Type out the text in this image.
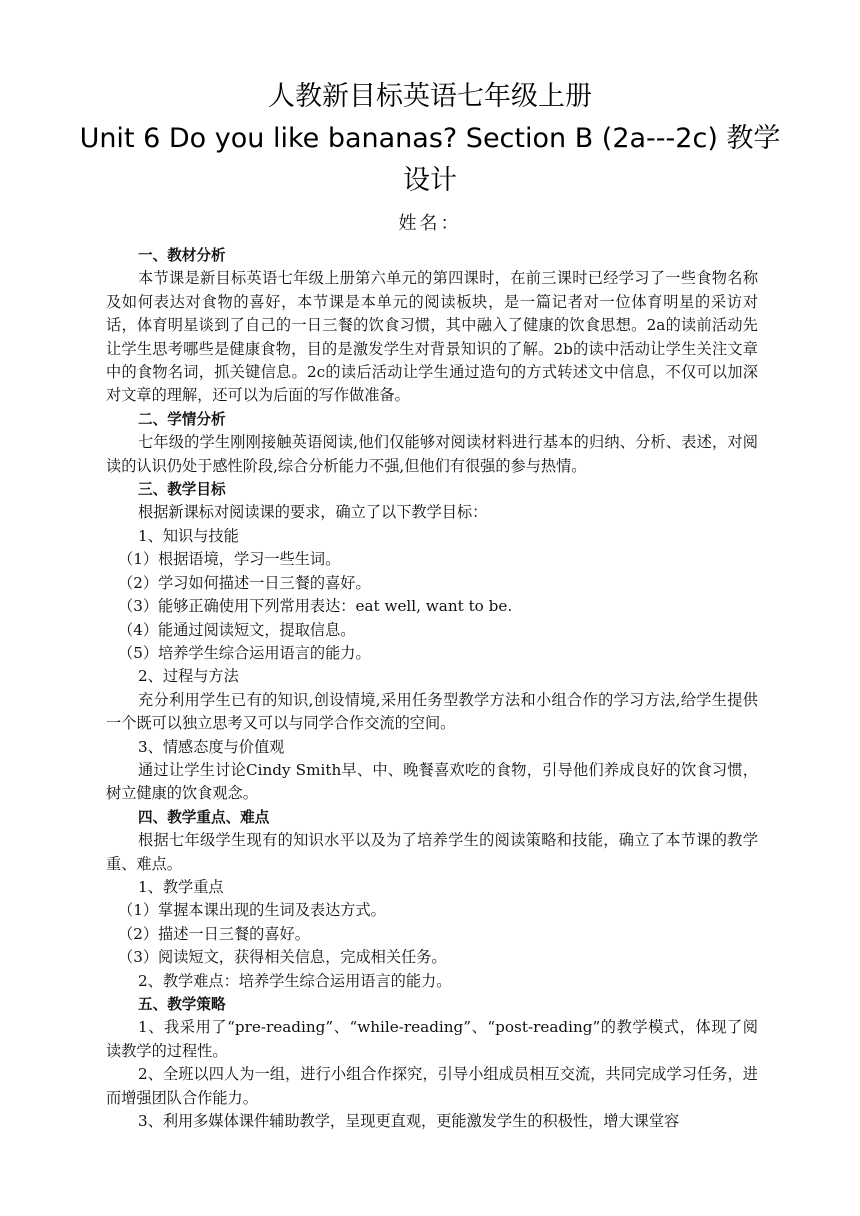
人教新目标英语七年级上册
Unit 6 Do you like bananas? Section B (2a---2c) 教学
设计
姓名：

一、教材分析

本节课是新目标英语七年级上册第六单元的第四课时，在前三课时已经学习了一些食物名称及如何表达对食物的喜好，本节课是本单元的阅读板块，是一篇记者对一位体育明星的采访对话，体育明星谈到了自己的一日三餐的饮食习惯，其中融入了健康的饮食思想。2a的读前活动先让学生思考哪些是健康食物，目的是激发学生对背景知识的了解。2b的读中活动让学生关注文章中的食物名词，抓关键信息。2c的读后活动让学生通过造句的方式转述文中信息，不仅可以加深对文章的理解，还可以为后面的写作做准备。

二、学情分析

七年级的学生刚刚接触英语阅读,他们仅能够对阅读材料进行基本的归纳、分析、表述，对阅读的认识仍处于感性阶段,综合分析能力不强,但他们有很强的参与热情。

三、教学目标

根据新课标对阅读课的要求，确立了以下教学目标：

1、知识与技能

（1）根据语境，学习一些生词。

（2）学习如何描述一日三餐的喜好。

（3）能够正确使用下列常用表达：eat well, want to be.

（4）能通过阅读短文，提取信息。

（5）培养学生综合运用语言的能力。

2、过程与方法

充分利用学生已有的知识,创设情境,采用任务型教学方法和小组合作的学习方法,给学生提供一个既可以独立思考又可以与同学合作交流的空间。

3、情感态度与价值观

通过让学生讨论Cindy Smith早、中、晚餐喜欢吃的食物，引导他们养成良好的饮食习惯，树立健康的饮食观念。

四、教学重点、难点

根据七年级学生现有的知识水平以及为了培养学生的阅读策略和技能，确立了本节课的教学重、难点。

1、教学重点

（1）掌握本课出现的生词及表达方式。

（2）描述一日三餐的喜好。

（3）阅读短文，获得相关信息，完成相关任务。

2、教学难点：培养学生综合运用语言的能力。

五、教学策略

1、我采用了“pre-reading”、“while-reading”、“post-reading”的教学模式，体现了阅读教学的过程性。

2、全班以四人为一组，进行小组合作探究，引导小组成员相互交流，共同完成学习任务，进而增强团队合作能力。

3、利用多媒体课件辅助教学，呈现更直观，更能激发学生的积极性，增大课堂容
